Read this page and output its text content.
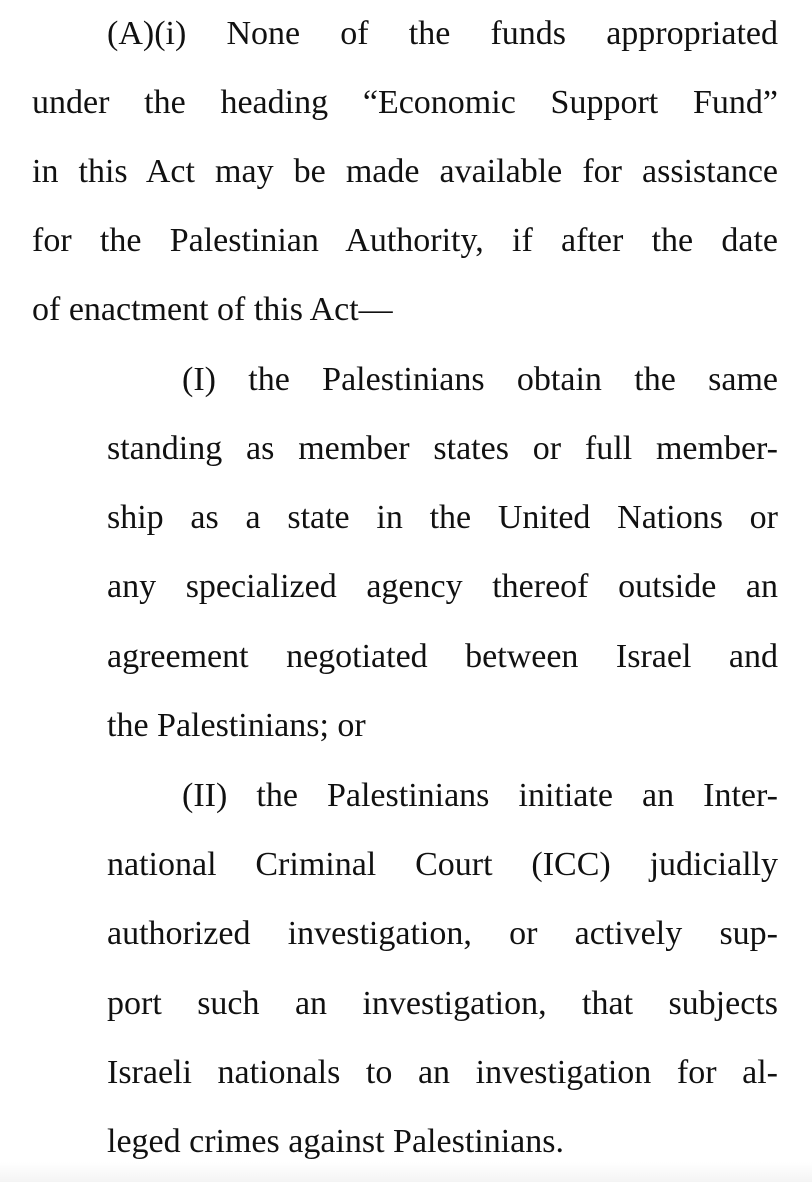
(A)(i) None of the funds appropriated
under the heading “Economic Support Fund”
in this Act may be made available for assistance
for the Palestinian Authority, if after the date
of enactment of this Act—
(I) the Palestinians obtain the same
standing as member states or full member-
ship as a state in the United Nations or
any specialized agency thereof outside an
agreement negotiated between Israel and
the Palestinians; or
(II) the Palestinians initiate an Inter-
national Criminal Court (ICC) judicially
authorized investigation, or actively sup-
port such an investigation, that subjects
Israeli nationals to an investigation for al-
leged crimes against Palestinians.
